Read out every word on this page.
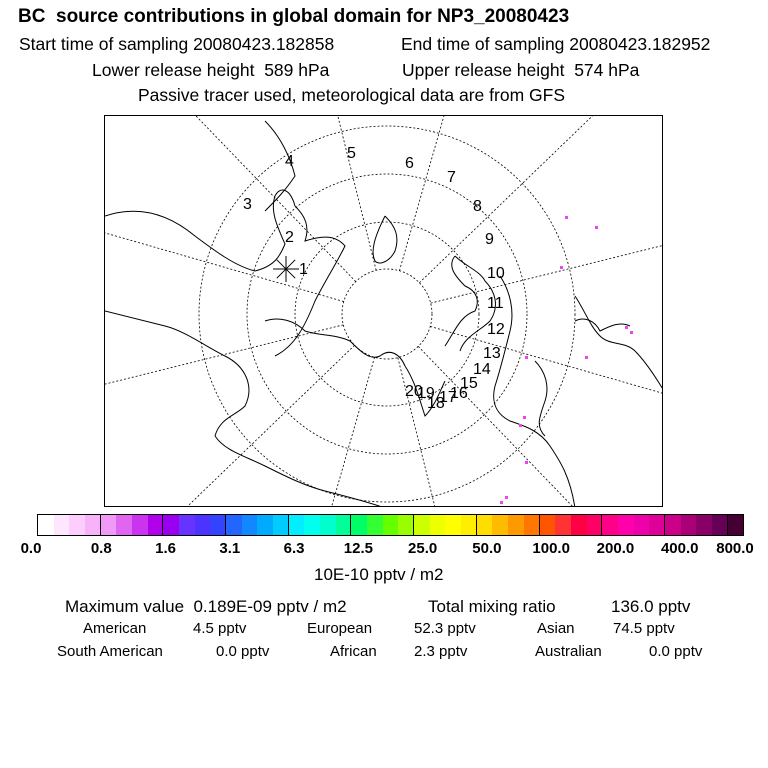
BC  source contributions in global domain for NP3_20080423
Start time of sampling 20080423.182858	End time of sampling 20080423.182952
Lower release height  589 hPa	Upper release height  574 hPa
Passive tracer used, meteorological data are from GFS
1
2
3
4	5
6
7
8
9
10
11
12
13
14
15
16
17
18
19
20
0.0	0.8	1.6	3.1	6.3	12.5 25.0 50.0 100.0 200.0 400.0 800.0
10E-10 pptv / m2
Maximum value  0.189E-09 pptv / m2	Total mixing ratio	136.0 pptv
American	4.5 pptv	European	52.3 pptv	Asian	74.5 pptv
South American	0.0 pptv	African 2.3 pptv	Australian	0.0 pptv
